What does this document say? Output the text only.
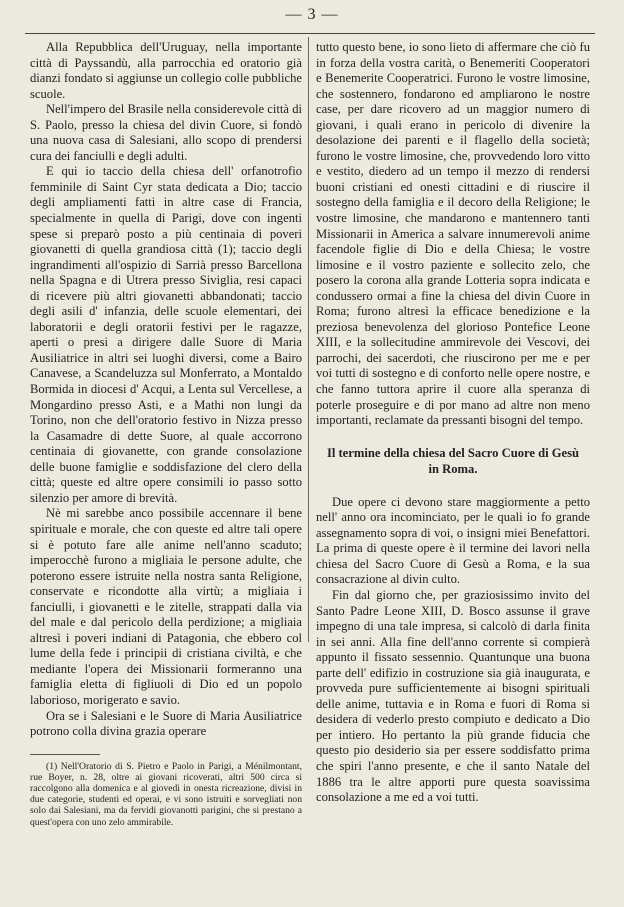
— 3 —

Alla Repubblica dell'Uruguay, nella importante città di Payssandù, alla parrocchia ed oratorio già dianzi fondato si aggiunse un collegio colle pubbliche scuole.

Nell'impero del Brasile nella considerevole città di S. Paolo, presso la chiesa del divin Cuore, si fondò una nuova casa di Salesiani, allo scopo di prendersi cura dei fanciulli e degli adulti.

E qui io taccio della chiesa dell' orfanotrofio femminile di Saint Cyr stata dedicata a Dio; taccio degli ampliamenti fatti in altre case di Francia, specialmente in quella di Parigi, dove con ingenti spese si preparò posto a più centinaia di poveri giovanetti di quella grandiosa città (1); taccio degli ingrandimenti all'ospizio di Sarrià presso Barcellona nella Spagna e di Utrera presso Siviglia, resi capaci di ricevere più altri giovanetti abbandonati; taccio degli asili d' infanzia, delle scuole elementari, dei laboratorii e degli oratorii festivi per le ragazze, aperti o presi a dirigere dalle Suore di Maria Ausiliatrice in altri sei luoghi diversi, come a Bairo Canavese, a Scandeluzza sul Monferrato, a Montaldo Bormida in diocesi d' Acqui, a Lenta sul Vercellese, a Mongardino presso Asti, e a Mathi non lungi da Torino, non che dell'oratorio festivo in Nizza presso la Casamadre di dette Suore, al quale accorrono centinaia di giovanette, con grande consolazione delle buone famiglie e soddisfazione del clero della città; queste ed altre opere consimili io passo sotto silenzio per amore di brevità.

Nè mi sarebbe anco possibile accennare il bene spirituale e morale, che con queste ed altre tali opere si è potuto fare alle anime nell'anno scaduto; imperocchè furono a migliaia le persone adulte, che poterono essere istruite nella nostra santa Religione, conservate e ricondotte alla virtù; a migliaia i fanciulli, i giovanetti e le zitelle, strappati dalla via del male e dal pericolo della perdizione; a migliaia altresì i poveri indiani di Patagonia, che ebbero col lume della fede i principii di cristiana civiltà, e che mediante l'opera dei Missionarii formeranno una famiglia eletta di figliuoli di Dio ed un popolo laborioso, morigerato e savio.

Ora se i Salesiani e le Suore di Maria Ausiliatrice potrono colla divina grazia operare

(1) Nell'Oratorio di S. Pietro e Paolo in Parigi, a Ménilmontant, rue Boyer, n. 28, oltre ai giovani ricoverati, altri 500 circa si raccolgono alla domenica e al giovedì in onesta ricreazione, divisi in due categorie, studenti ed operai, e vi sono istruiti e sorvegliati non solo dai Salesiani, ma da fervidi giovanotti parigini, che si prestano a quest'opera con uno zelo ammirabile.

tutto questo bene, io sono lieto di affermare che ciò fu in forza della vostra carità, o Benemeriti Cooperatori e Benemerite Cooperatrici. Furono le vostre limosine, che sostennero, fondarono ed ampliarono le nostre case, per dare ricovero ad un maggior numero di giovani, i quali erano in pericolo di divenire la desolazione dei parenti e il flagello della società; furono le vostre limosine, che, provvedendo loro vitto e vestito, diedero ad un tempo il mezzo di rendersi buoni cristiani ed onesti cittadini e di riuscire il sostegno della famiglia e il decoro della Religione; le vostre limosine, che mandarono e mantennero tanti Missionarii in America a salvare innumerevoli anime facendole figlie di Dio e della Chiesa; le vostre limosine e il vostro paziente e sollecito zelo, che posero la corona alla grande Lotteria sopra indicata e condussero ormai a fine la chiesa del divin Cuore in Roma; furono altresì la efficace benedizione e la preziosa benevolenza del glorioso Pontefice Leone XIII, e la sollecitudine ammirevole dei Vescovi, dei parrochi, dei sacerdoti, che riuscirono per me e per voi tutti di sostegno e di conforto nelle opere nostre, e che fanno tuttora aprire il cuore alla speranza di poterle proseguire e di por mano ad altre non meno importanti, reclamate da pressanti bisogni del tempo.

Il termine della chiesa del Sacro Cuore di Gesù
in Roma.

Due opere ci devono stare maggiormente a petto nell' anno ora incominciato, per le quali io fo grande assegnamento sopra di voi, o insigni miei Benefattori. La prima di queste opere è il termine dei lavori nella chiesa del Sacro Cuore di Gesù a Roma, e la sua consacrazione al divin culto.

Fin dal giorno che, per graziosissimo invito del Santo Padre Leone XIII, D. Bosco assunse il grave impegno di una tale impresa, si calcolò di darla finita in sei anni. Alla fine dell'anno corrente si compierà appunto il fissato sessennio. Quantunque una buona parte dell' edifizio in costruzione sia già inaugurata, e provveda pure sufficientemente ai bisogni spirituali delle anime, tuttavia e in Roma e fuori di Roma si desidera di vederlo presto compiuto e dedicato a Dio per intiero. Ho pertanto la più grande fiducia che questo pio desiderio sia per essere soddisfatto prima che spiri l'anno presente, e che il santo Natale del 1886 tra le altre apporti pure questa soavissima consolazione a me ed a voi tutti.
